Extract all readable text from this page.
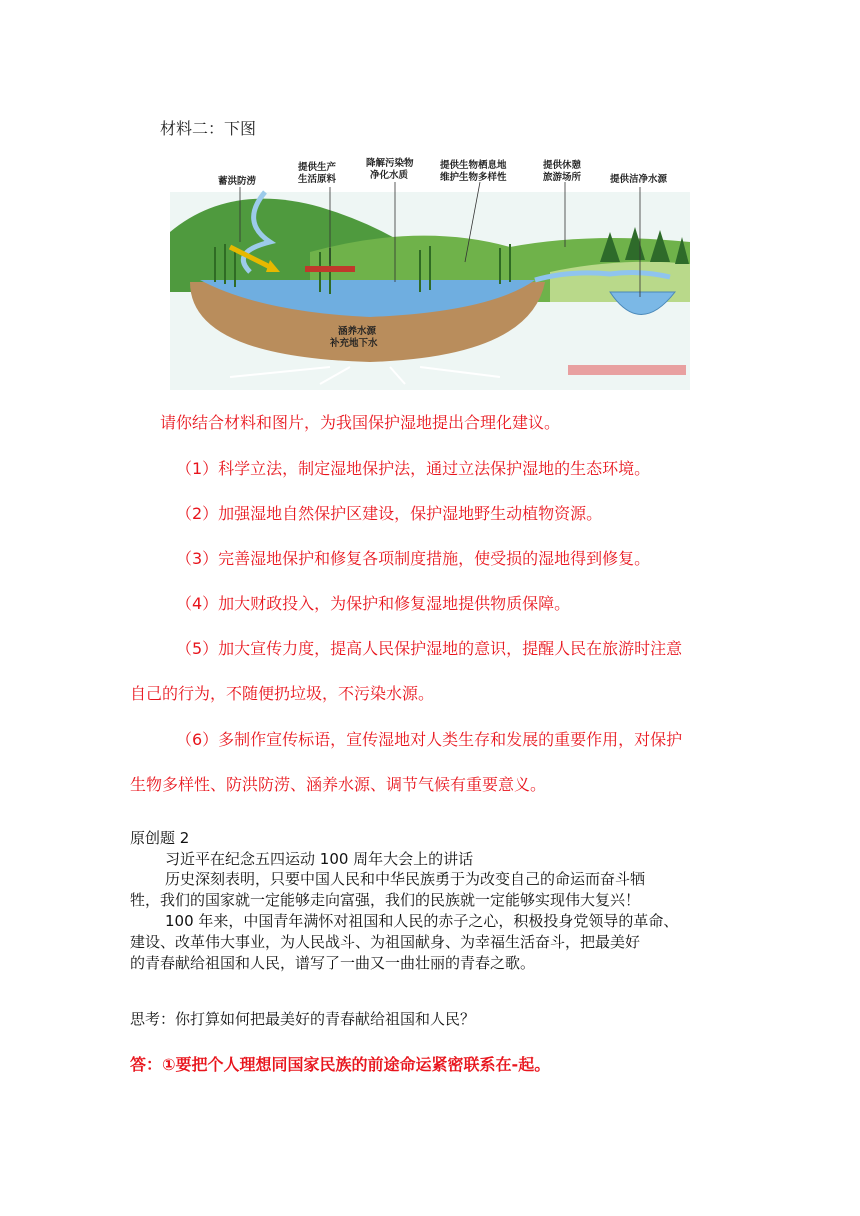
材料二：下图
蓄洪防涝
提供生产
生活原料
降解污染物
净化水质
提供生物栖息地
维护生物多样性
提供休憩
旅游场所	提供洁净水源
涵养水源
补充地下水
请你结合材料和图片，为我国保护湿地提出合理化建议。
（1）科学立法，制定湿地保护法，通过立法保护湿地的生态环境。
（2）加强湿地自然保护区建设，保护湿地野生动植物资源。
（3）完善湿地保护和修复各项制度措施，使受损的湿地得到修复。
（4）加大财政投入，为保护和修复湿地提供物质保障。
（5）加大宣传力度，提高人民保护湿地的意识，提醒人民在旅游时注意
自己的行为，不随便扔垃圾，不污染水源。
（6）多制作宣传标语，宣传湿地对人类生存和发展的重要作用，对保护
生物多样性、防洪防涝、涵养水源、调节气候有重要意义。
原创题 2
习近平在纪念五四运动 100 周年大会上的讲话
历史深刻表明，只要中国人民和中华民族勇于为改变自己的命运而奋斗牺
牲，我们的国家就一定能够走向富强，我们的民族就一定能够实现伟大复兴！
100 年来，中国青年满怀对祖国和人民的赤子之心，积极投身党领导的革命、
建设、改革伟大事业，为人民战斗、为祖国献身、为幸福生活奋斗，把最美好
的青春献给祖国和人民，谱写了一曲又一曲壮丽的青春之歌。
思考：你打算如何把最美好的青春献给祖国和人民？
答：①要把个人理想同国家民族的前途命运紧密联系在-起。
